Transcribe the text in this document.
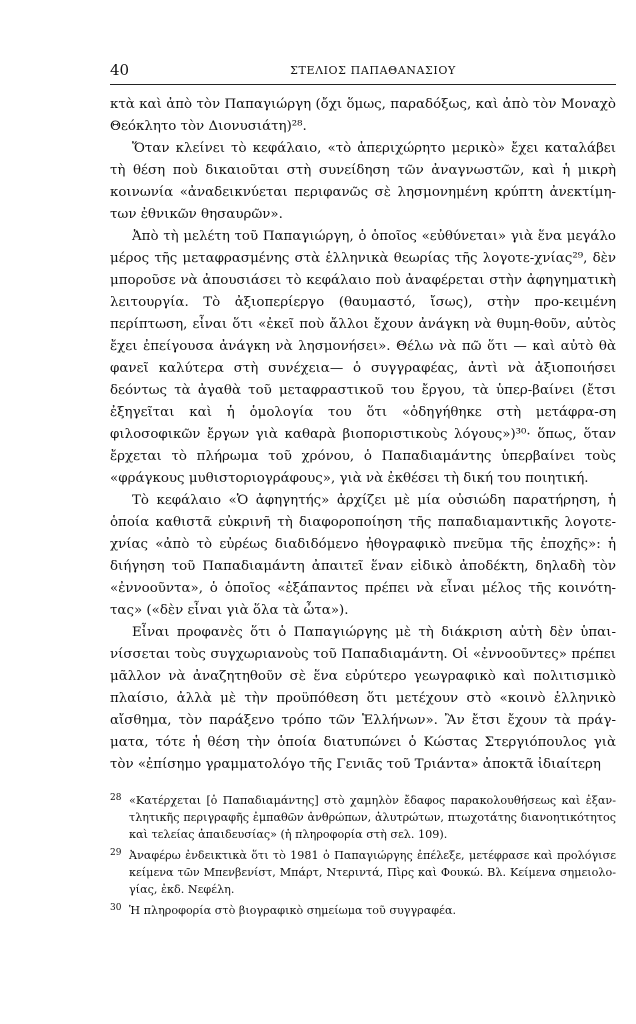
40	ΣΤΕΛΙΟΣ ΠΑΠΑΘΑΝΑΣΙΟΥ

κτὰ καὶ ἀπὸ τὸν Παπαγιώργη (ὄχι ὅμως, παραδόξως, καὶ ἀπὸ τὸν Μοναχὸ Θεόκλητο τὸν Διονυσιάτη)²⁸.

Ὅταν κλείνει τὸ κεφάλαιο, «τὸ ἀπεριχώρητο μερικὸ» ἔχει καταλάβει τὴ θέση ποὺ δικαιοῦται στὴ συνείδηση τῶν ἀναγνωστῶν, καὶ ἡ μικρὴ κοινωνία «ἀναδεικνύεται περιφανῶς σὲ λησμονημένη κρύπτη ἀνεκτίμη-των ἐθνικῶν θησαυρῶν».

Ἀπὸ τὴ μελέτη τοῦ Παπαγιώργη, ὁ ὁποῖος «εὐθύνεται» γιὰ ἕνα μεγάλο μέρος τῆς μεταφρασμένης στὰ ἑλληνικὰ θεωρίας τῆς λογοτε-χνίας²⁹, δὲν μποροῦσε νὰ ἀπουσιάσει τὸ κεφάλαιο ποὺ ἀναφέρεται στὴν ἀφηγηματικὴ λειτουργία. Τὸ ἀξιοπερίεργο (θαυμαστό, ἴσως), στὴν προ-κειμένη περίπτωση, εἶναι ὅτι «ἐκεῖ ποὺ ἄλλοι ἔχουν ἀνάγκη νὰ θυμη-θοῦν, αὐτὸς ἔχει ἐπείγουσα ἀνάγκη νὰ λησμονήσει». Θέλω νὰ πῶ ὅτι — καὶ αὐτὸ θὰ φανεῖ καλύτερα στὴ συνέχεια— ὁ συγγραφέας, ἀντὶ νὰ ἀξιοποιήσει δεόντως τὰ ἀγαθὰ τοῦ μεταφραστικοῦ του ἔργου, τὰ ὑπερ-βαίνει (ἔτσι ἐξηγεῖται καὶ ἡ ὁμολογία του ὅτι «ὁδηγήθηκε στὴ μετάφρα-ση φιλοσοφικῶν ἔργων γιὰ καθαρὰ βιοποριστικοὺς λόγους»)³⁰· ὅπως, ὅταν ἔρχεται τὸ πλήρωμα τοῦ χρόνου, ὁ Παπαδιαμάντης ὑπερβαίνει τοὺς «φράγκους μυθιστοριογράφους», γιὰ νὰ ἐκθέσει τὴ δική του ποιητική.

Τὸ κεφάλαιο «Ὁ ἀφηγητής» ἀρχίζει μὲ μία οὐσιώδη παρατήρηση, ἡ ὁποία καθιστᾶ εὐκρινῆ τὴ διαφοροποίηση τῆς παπαδιαμαντικῆς λογοτε-χνίας «ἀπὸ τὸ εὐρέως διαδιδόμενο ἠθογραφικὸ πνεῦμα τῆς ἐποχῆς»: ἡ διήγηση τοῦ Παπαδιαμάντη ἀπαιτεῖ ἕναν εἰδικὸ ἀποδέκτη, δηλαδὴ τὸν «ἐννοοῦντα», ὁ ὁποῖος «ἐξάπαντος πρέπει νὰ εἶναι μέλος τῆς κοινότη-τας» («δὲν εἶναι γιὰ ὅλα τὰ ὦτα»).

Εἶναι προφανὲς ὅτι ὁ Παπαγιώργης μὲ τὴ διάκριση αὐτὴ δὲν ὑπαι-νίσσεται τοὺς συγχωριανοὺς τοῦ Παπαδιαμάντη. Οἱ «ἐννοοῦντες» πρέπει μᾶλλον νὰ ἀναζητηθοῦν σὲ ἕνα εὐρύτερο γεωγραφικὸ καὶ πολιτισμικὸ πλαίσιο, ἀλλὰ μὲ τὴν προϋπόθεση ὅτι μετέχουν στὸ «κοινὸ ἑλληνικὸ αἴσθημα, τὸν παράξενο τρόπο τῶν Ἑλλήνων». Ἂν ἔτσι ἔχουν τὰ πράγ-ματα, τότε ἡ θέση τὴν ὁποία διατυπώνει ὁ Κώστας Στεργιόπουλος γιὰ τὸν «ἐπίσημο γραμματολόγο τῆς Γενιᾶς τοῦ Τριάντα» ἀποκτᾶ ἰδιαίτερη

28 «Κατέρχεται [ὁ Παπαδιαμάντης] στὸ χαμηλὸν ἔδαφος παρακολουθήσεως καὶ ἐξαν-τλητικῆς περιγραφῆς ἐμπαθῶν ἀνθρώπων, ἀλυτρώτων, πτωχοτάτης διανοητικότητος καὶ τελείας ἀπαιδευσίας» (ἡ πληροφορία στὴ σελ. 109).

29 Ἀναφέρω ἐνδεικτικὰ ὅτι τὸ 1981 ὁ Παπαγιώργης ἐπέλεξε, μετέφρασε καὶ προλόγισε κείμενα τῶν Μπενβενίστ, Μπάρτ, Ντεριντά, Πὶρς καὶ Φουκώ. Βλ. Κείμενα σημειολο-γίας, ἐκδ. Νεφέλη.

30 Ἡ πληροφορία στὸ βιογραφικὸ σημείωμα τοῦ συγγραφέα.
